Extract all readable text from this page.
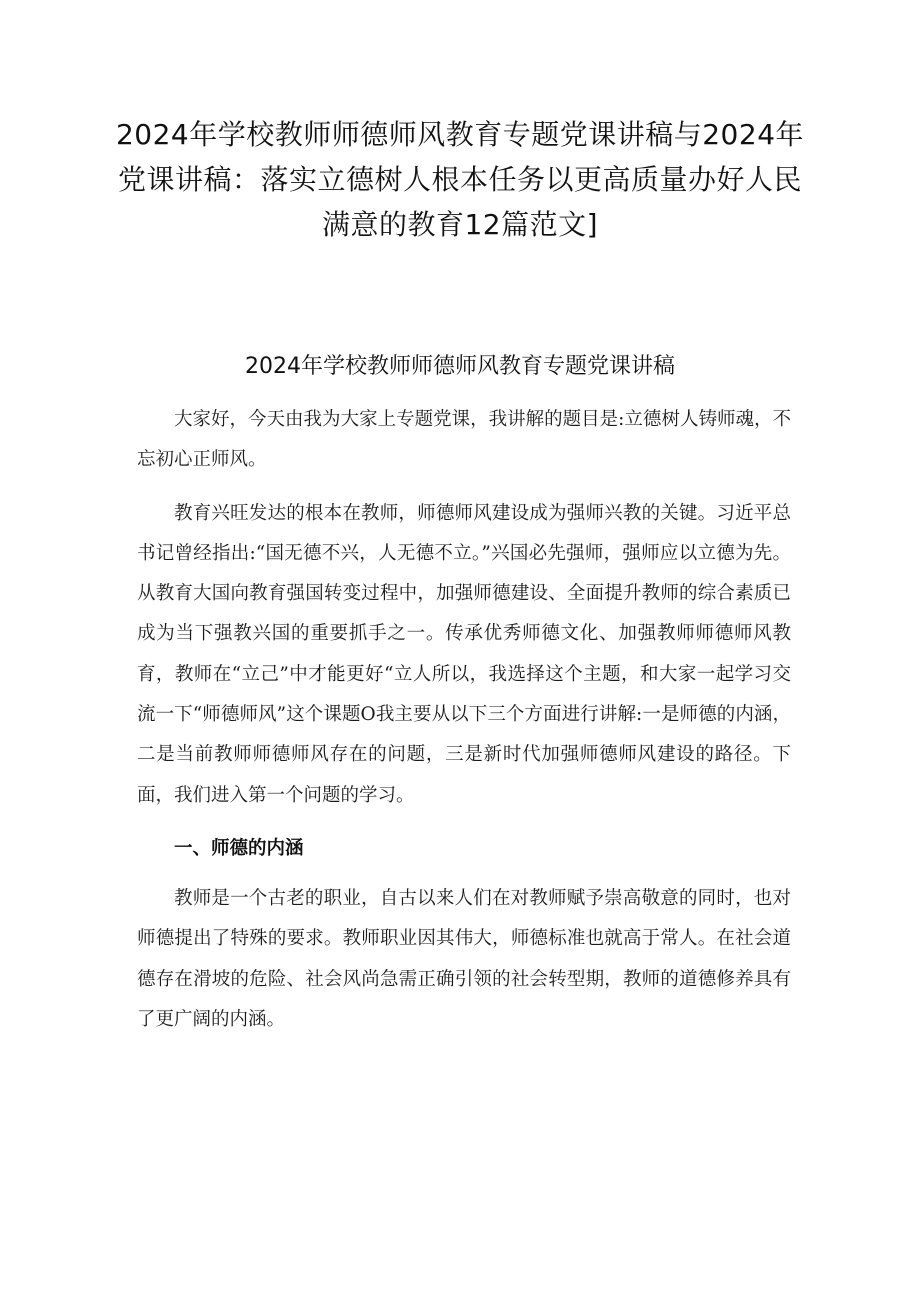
2024年学校教师师德师风教育专题党课讲稿与2024年党课讲稿：落实立德树人根本任务以更高质量办好人民满意的教育12篇范文]
2024年学校教师师德师风教育专题党课讲稿

大家好，今天由我为大家上专题党课，我讲解的题目是:立德树人铸师魂，不忘初心正师风。

教育兴旺发达的根本在教师，师德师风建设成为强师兴教的关键。习近平总书记曾经指出:“国无德不兴，人无德不立。”兴国必先强师，强师应以立德为先。从教育大国向教育强国转变过程中，加强师德建设、全面提升教师的综合素质已成为当下强教兴国的重要抓手之一。传承优秀师德文化、加强教师师德师风教育，教师在“立己”中才能更好“立人所以，我选择这个主题，和大家一起学习交流一下“师德师风”这个课题O我主要从以下三个方面进行讲解:一是师德的内涵，二是当前教师师德师风存在的问题，三是新时代加强师德师风建设的路径。下面，我们进入第一个问题的学习。

一、师德的内涵

教师是一个古老的职业，自古以来人们在对教师赋予崇高敬意的同时，也对师德提出了特殊的要求。教师职业因其伟大，师德标准也就高于常人。在社会道德存在滑坡的危险、社会风尚急需正确引领的社会转型期，教师的道德修养具有了更广阔的内涵。
